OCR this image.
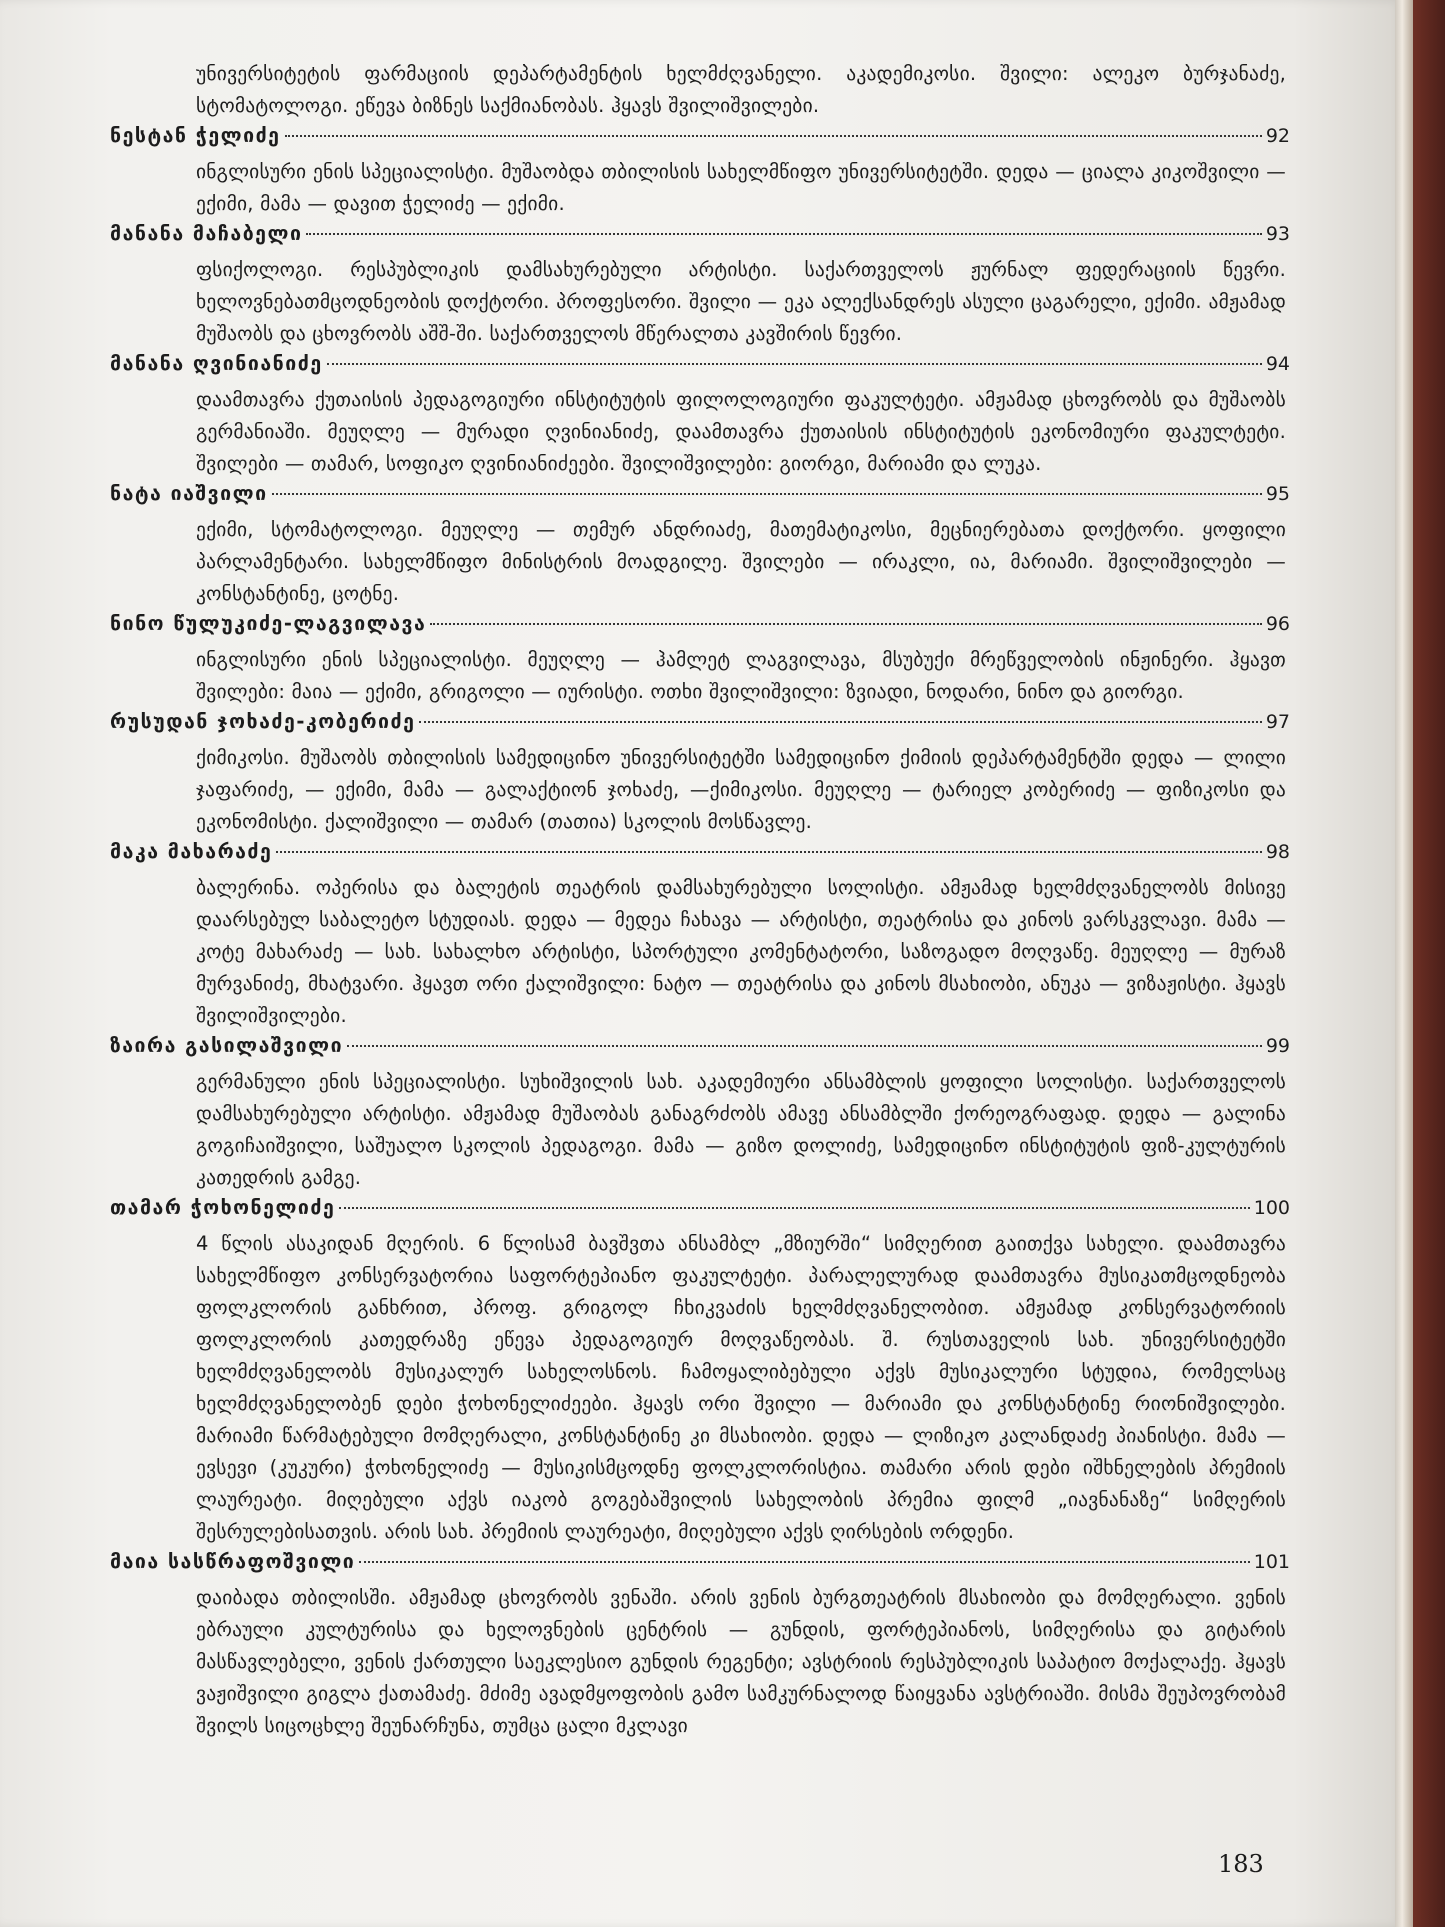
უნივერსიტეტის ფარმაციის დეპარტამენტის ხელმძღვანელი. აკადემიკოსი. შვილი: ალეკო ბურჯანაძე, სტომატოლოგი. ეწევა ბიზნეს საქმიანობას. ჰყავს შვილიშვილები.

ნესტან ჭელიძე	92

ინგლისური ენის სპეციალისტი. მუშაობდა თბილისის სახელმწიფო უნივერსიტეტში. დედა — ციალა კიკოშვილი — ექიმი, მამა — დავით ჭელიძე — ექიმი.

მანანა მაჩაბელი	93

ფსიქოლოგი. რესპუბლიკის დამსახურებული არტისტი. საქართველოს ჟურნალ ფედერაციის წევრი. ხელოვნებათმცოდნეობის დოქტორი. პროფესორი. შვილი — ეკა ალექსანდრეს ასული ცაგარელი, ექიმი. ამჟამად მუშაობს და ცხოვრობს აშშ-ში. საქართველოს მწერალთა კავშირის წევრი.

მანანა ღვინიანიძე	94

დაამთავრა ქუთაისის პედაგოგიური ინსტიტუტის ფილოლოგიური ფაკულტეტი. ამჟამად ცხოვრობს და მუშაობს გერმანიაში. მეუღლე — მურადი ღვინიანიძე, დაამთავრა ქუთაისის ინსტიტუტის ეკონომიური ფაკულტეტი. შვილები — თამარ, სოფიკო ღვინიანიძეები. შვილიშვილები: გიორგი, მარიამი და ლუკა.

ნატა იაშვილი	95

ექიმი, სტომატოლოგი. მეუღლე — თემურ ანდრიაძე, მათემატიკოსი, მეცნიერებათა დოქტორი. ყოფილი პარლამენტარი. სახელმწიფო მინისტრის მოადგილე. შვილები — ირაკლი, ია, მარიამი. შვილიშვილები — კონსტანტინე, ცოტნე.

ნინო წულუკიძე-ლაგვილავა	96

ინგლისური ენის სპეციალისტი. მეუღლე — ჰამლეტ ლაგვილავა, მსუბუქი მრეწველობის ინჟინერი. ჰყავთ შვილები: მაია — ექიმი, გრიგოლი — იურისტი. ოთხი შვილიშვილი: ზვიადი, ნოდარი, ნინო და გიორგი.

რუსუდან ჯოხაძე-კობერიძე	97

ქიმიკოსი. მუშაობს თბილისის სამედიცინო უნივერსიტეტში სამედიცინო ქიმიის დეპარტამენტში დედა — ლილი ჯაფარიძე, — ექიმი, მამა — გალაქტიონ ჯოხაძე, —ქიმიკოსი. მეუღლე — ტარიელ კობერიძე — ფიზიკოსი და ეკონომისტი. ქალიშვილი — თამარ (თათია) სკოლის მოსწავლე.

მაკა მახარაძე	98

ბალერინა. ოპერისა და ბალეტის თეატრის დამსახურებული სოლისტი. ამჟამად ხელმძღვანელობს მისივე დაარსებულ საბალეტო სტუდიას. დედა — მედეა ჩახავა — არტისტი, თეატრისა და კინოს ვარსკვლავი. მამა — კოტე მახარაძე — სახ. სახალხო არტისტი, სპორტული კომენტატორი, საზოგადო მოღვაწე. მეუღლე — მურაზ მურვანიძე, მხატვარი. ჰყავთ ორი ქალიშვილი: ნატო — თეატრისა და კინოს მსახიობი, ანუკა — ვიზაჟისტი. ჰყავს შვილიშვილები.

ზაირა გასილაშვილი	99

გერმანული ენის სპეციალისტი. სუხიშვილის სახ. აკადემიური ანსამბლის ყოფილი სოლისტი. საქართველოს დამსახურებული არტისტი. ამჟამად მუშაობას განაგრძობს ამავე ანსამბლში ქორეოგრაფად. დედა — გალინა გოგიჩაიშვილი, საშუალო სკოლის პედაგოგი. მამა — გიზო დოლიძე, სამედიცინო ინსტიტუტის ფიზ-კულტურის კათედრის გამგე.

თამარ ჭოხონელიძე	100

4 წლის ასაკიდან მღერის. 6 წლისამ ბავშვთა ანსამბლ „მზიურში“ სიმღერით გაითქვა სახელი. დაამთავრა სახელმწიფო კონსერვატორია საფორტეპიანო ფაკულტეტი. პარალელურად დაამთავრა მუსიკათმცოდნეობა ფოლკლორის განხრით, პროფ. გრიგოლ ჩხიკვაძის ხელმძღვანელობით. ამჟამად კონსერვატორიის ფოლკლორის კათედრაზე ეწევა პედაგოგიურ მოღვაწეობას. შ. რუსთაველის სახ. უნივერსიტეტში ხელმძღვანელობს მუსიკალურ სახელოსნოს. ჩამოყალიბებული აქვს მუსიკალური სტუდია, რომელსაც ხელმძღვანელობენ დები ჭოხონელიძეები. ჰყავს ორი შვილი — მარიამი და კონსტანტინე რიონიშვილები. მარიამი წარმატებული მომღერალი, კონსტანტინე კი მსახიობი. დედა — ლიზიკო კალანდაძე პიანისტი. მამა — ევსევი (კუკური) ჭოხონელიძე — მუსიკისმცოდნე ფოლკლორისტია. თამარი არის დები იშხნელების პრემიის ლაურეატი. მიღებული აქვს იაკობ გოგებაშვილის სახელობის პრემია ფილმ „იავნანაზე“ სიმღერის შესრულებისათვის. არის სახ. პრემიის ლაურეატი, მიღებული აქვს ღირსების ორდენი.

მაია სასწრაფოშვილი	101

დაიბადა თბილისში. ამჟამად ცხოვრობს ვენაში. არის ვენის ბურგთეატრის მსახიობი და მომღერალი. ვენის ებრაული კულტურისა და ხელოვნების ცენტრის — გუნდის, ფორტეპიანოს, სიმღერისა და გიტარის მასწავლებელი, ვენის ქართული საეკლესიო გუნდის რეგენტი; ავსტრიის რესპუბლიკის საპატიო მოქალაქე. ჰყავს ვაჟიშვილი გიგლა ქათამაძე. მძიმე ავადმყოფობის გამო სამკურნალოდ წაიყვანა ავსტრიაში. მისმა შეუპოვრობამ შვილს სიცოცხლე შეუნარჩუნა, თუმცა ცალი მკლავი

183
